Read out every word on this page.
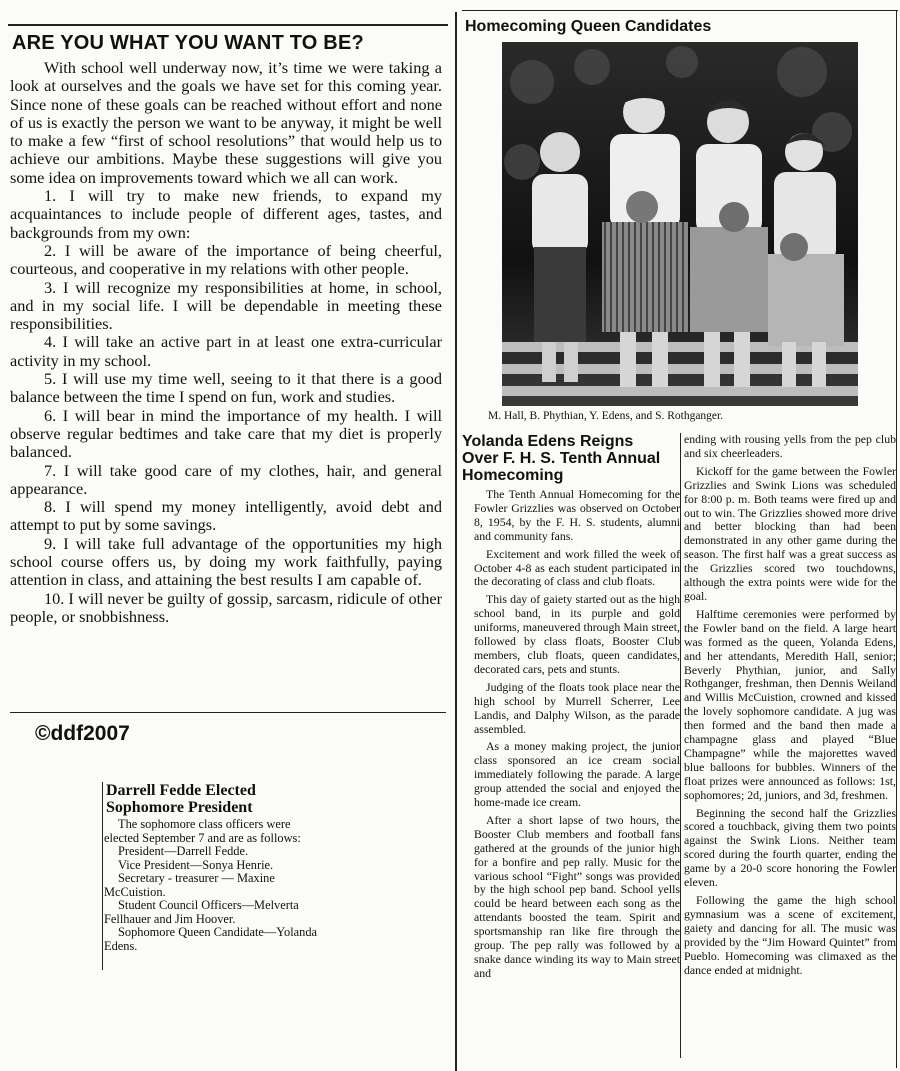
ARE YOU WHAT YOU WANT TO BE?

With school well underway now, it’s time we were taking a look at ourselves and the goals we have set for this coming year. Since none of these goals can be reached without effort and none of us is exactly the person we want to be anyway, it might be well to make a few “first of school resolutions” that would help us to achieve our ambitions. Maybe these suggestions will give you some idea on improvements toward which we all can work.

1. I will try to make new friends, to expand my acquaintances to include people of different ages, tastes, and backgrounds from my own:

2. I will be aware of the importance of being cheerful, courteous, and cooperative in my relations with other people.

3. I will recognize my responsibilities at home, in school, and in my social life. I will be dependable in meeting these responsibilities.

4. I will take an active part in at least one extra-curricular activity in my school.

5. I will use my time well, seeing to it that there is a good balance between the time I spend on fun, work and studies.

6. I will bear in mind the importance of my health. I will observe regular bedtimes and take care that my diet is properly balanced.

7. I will take good care of my clothes, hair, and general appearance.

8. I will spend my money intelligently, avoid debt and attempt to put by some savings.

9. I will take full advantage of the opportunities my high school course offers us, by doing my work faithfully, paying attention in class, and attaining the best results I am capable of.

10. I will never be guilty of gossip, sarcasm, ridicule of other people, or snobbishness.

©ddf2007
Darrell Fedde Elected
Sophomore President

The sophomore class officers were elected September 7 and are as follows:

President—Darrell Fedde.

Vice President—Sonya Henrie.

Secretary - treasurer — Maxine McCuistion.

Student Council Officers—Melverta Fellhauer and Jim Hoover.

Sophomore Queen Candidate—Yolanda Edens.

Homecoming Queen Candidates
M. Hall, B. Phythian, Y. Edens, and S. Rothganger.
Yolanda Edens Reigns Over F. H. S. Tenth Annual Homecoming

The Tenth Annual Homecoming for the Fowler Grizzlies was observed on October 8, 1954, by the F. H. S. students, alumni and community fans.

Excitement and work filled the week of October 4-8 as each student participated in the decorating of class and club floats.

This day of gaiety started out as the high school band, in its purple and gold uniforms, maneuvered through Main street, followed by class floats, Booster Club members, club floats, queen candidates, decorated cars, pets and stunts.

Judging of the floats took place near the high school by Murrell Scherrer, Lee Landis, and Dalphy Wilson, as the parade assembled.

As a money making project, the junior class sponsored an ice cream social immediately following the parade. A large group attended the social and enjoyed the home-made ice cream.

After a short lapse of two hours, the Booster Club members and football fans gathered at the grounds of the junior high for a bonfire and pep rally. Music for the various school “Fight” songs was provided by the high school pep band. School yells could be heard between each song as the attendants boosted the team. Spirit and sportsmanship ran like fire through the group. The pep rally was followed by a snake dance winding its way to Main street and

ending with rousing yells from the pep club and six cheerleaders.

Kickoff for the game between the Fowler Grizzlies and Swink Lions was scheduled for 8:00 p. m. Both teams were fired up and out to win. The Grizzlies showed more drive and better blocking than had been demonstrated in any other game during the season. The first half was a great success as the Grizzlies scored two touchdowns, although the extra points were wide for the goal.

Halftime ceremonies were performed by the Fowler band on the field. A large heart was formed as the queen, Yolanda Edens, and her attendants, Meredith Hall, senior; Beverly Phythian, junior, and Sally Rothganger, freshman, then Dennis Weiland and Willis McCuistion, crowned and kissed the lovely sophomore candidate. A jug was then formed and the band then made a champagne glass and played “Blue Champagne” while the majorettes waved blue balloons for bubbles. Winners of the float prizes were announced as follows: 1st, sophomores; 2d, juniors, and 3d, freshmen.

Beginning the second half the Grizzlies scored a touchback, giving them two points against the Swink Lions. Neither team scored during the fourth quarter, ending the game by a 20-0 score honoring the Fowler eleven.

Following the game the high school gymnasium was a scene of excitement, gaiety and dancing for all. The music was provided by the “Jim Howard Quintet” from Pueblo. Homecoming was climaxed as the dance ended at midnight.
